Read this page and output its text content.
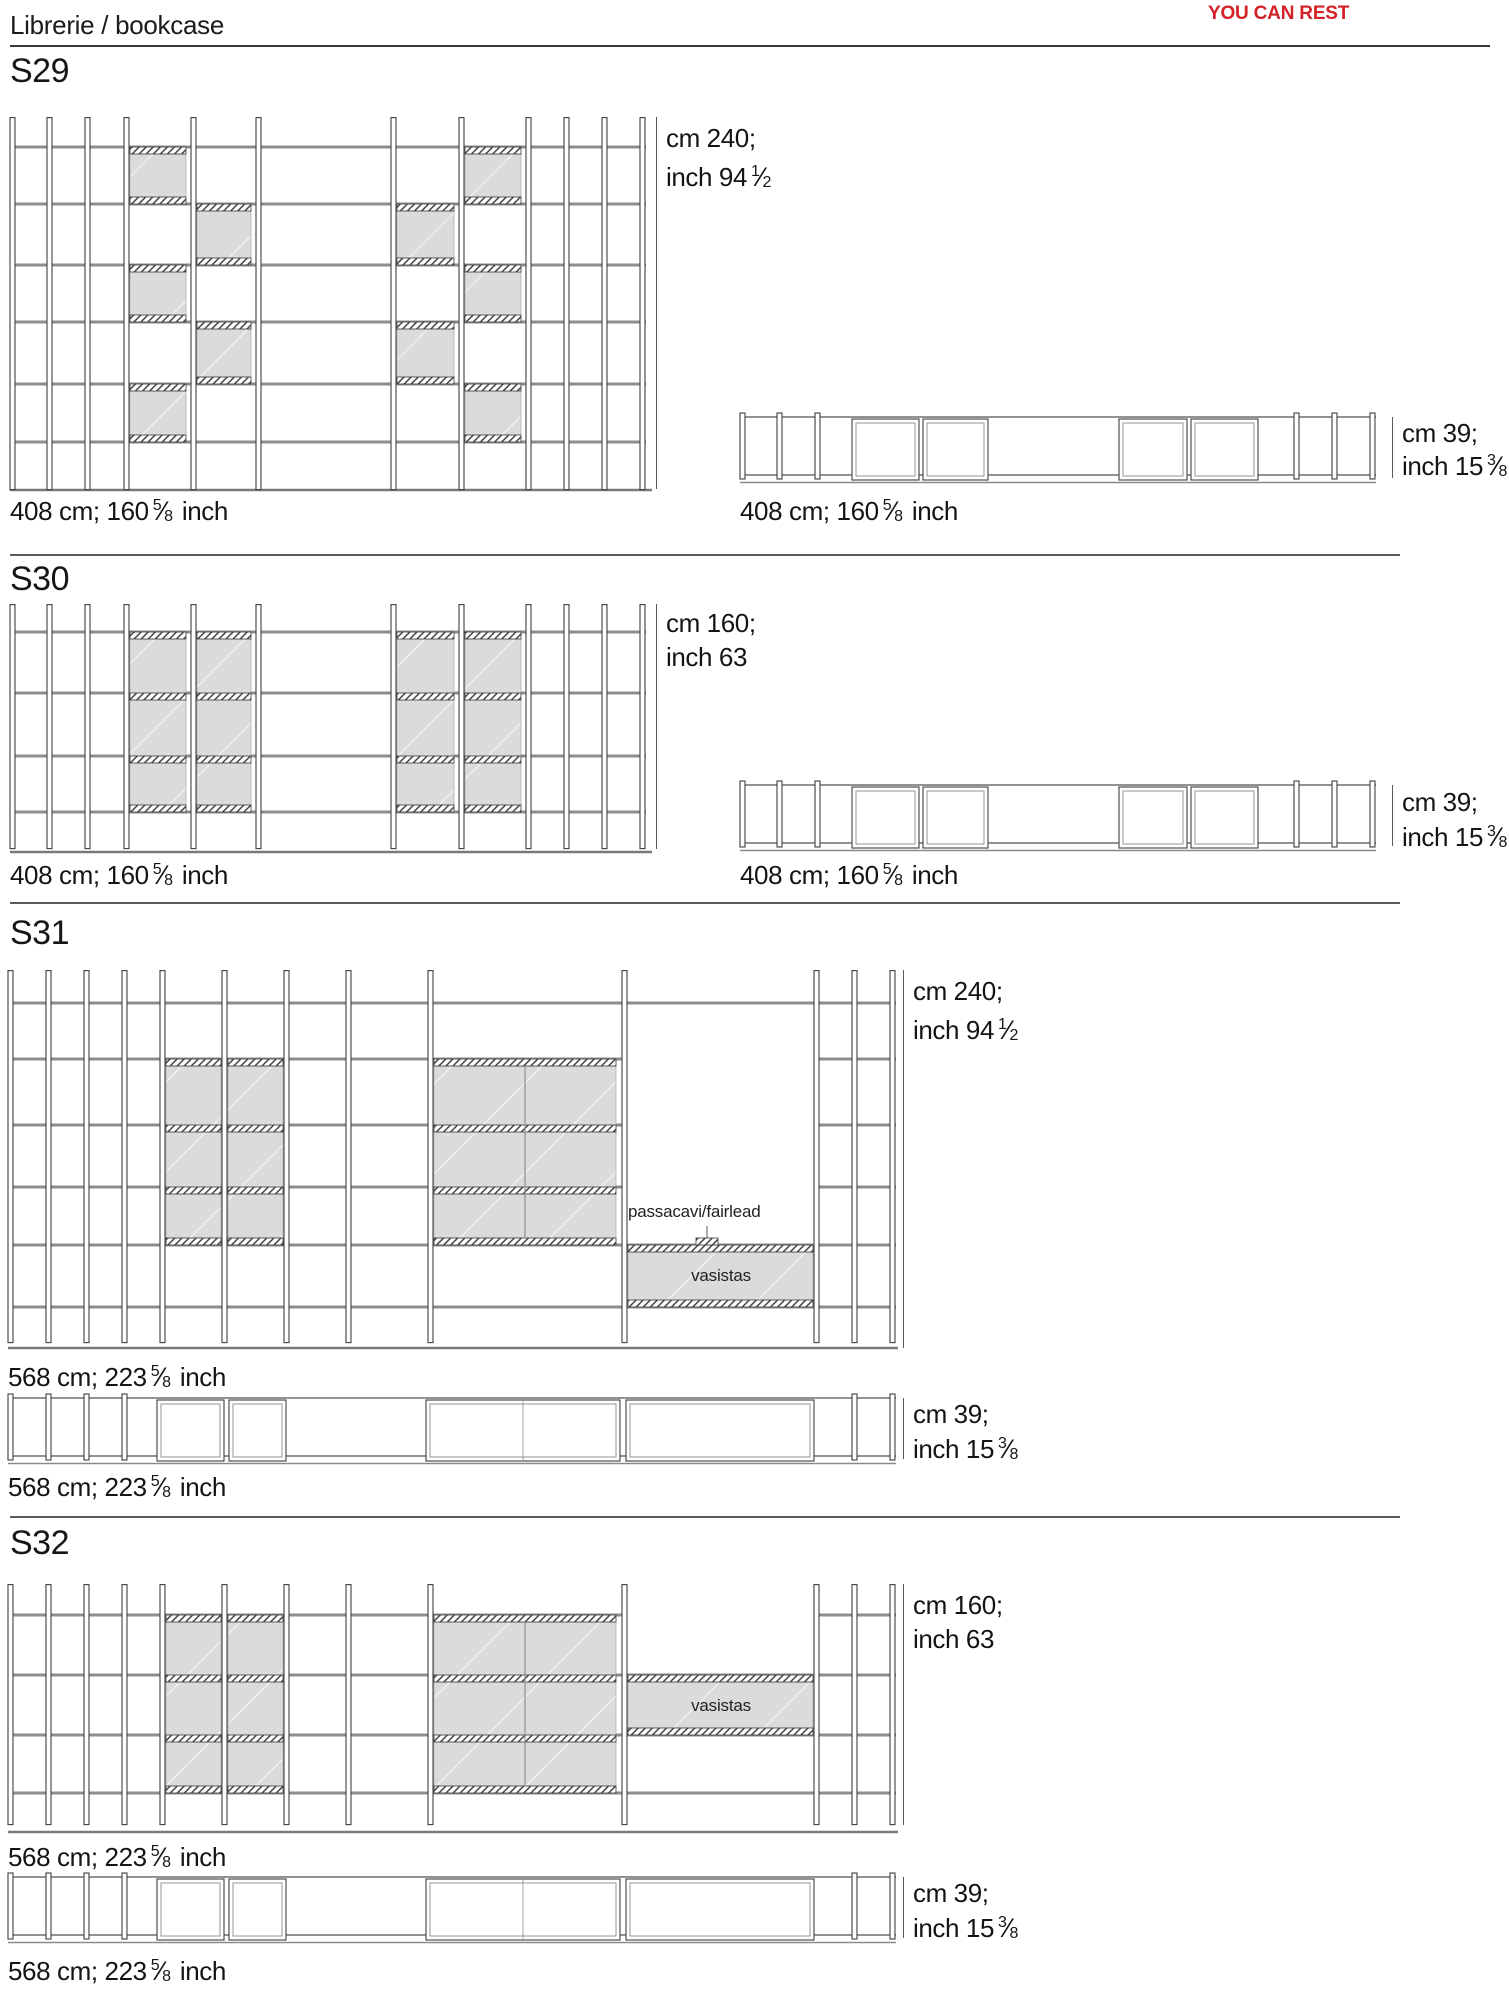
Librerie / bookcase	YOU CAN REST
S29
cm 240;
inch 94 $^1$⁄ 2
408 cm; 160 $^5$⁄ 8 inch
cm 39;
inch 15 $^3$⁄ 8
408 cm; 160 $^5$⁄ 8 inch
S30
cm 160;
inch 63
408 cm; 160 $^5$⁄ 8 inch
cm 39;
inch 15 $^3$⁄ 8
408 cm; 160 $^5$⁄ 8 inch
S31
passacavi/fairlead
vasistas
cm 240;
inch 94 $^1$⁄ 2
568 cm; 223 $^5$⁄ 8 inch
cm 39;
inch 15 $^3$⁄ 8
568 cm; 223 $^5$⁄ 8 inch
S32
vasistas
cm 160;
inch 63
568 cm; 223 $^5$⁄ 8 inch
cm 39;
inch 15 $^3$⁄ 8
568 cm; 223 $^5$⁄ 8 inch
